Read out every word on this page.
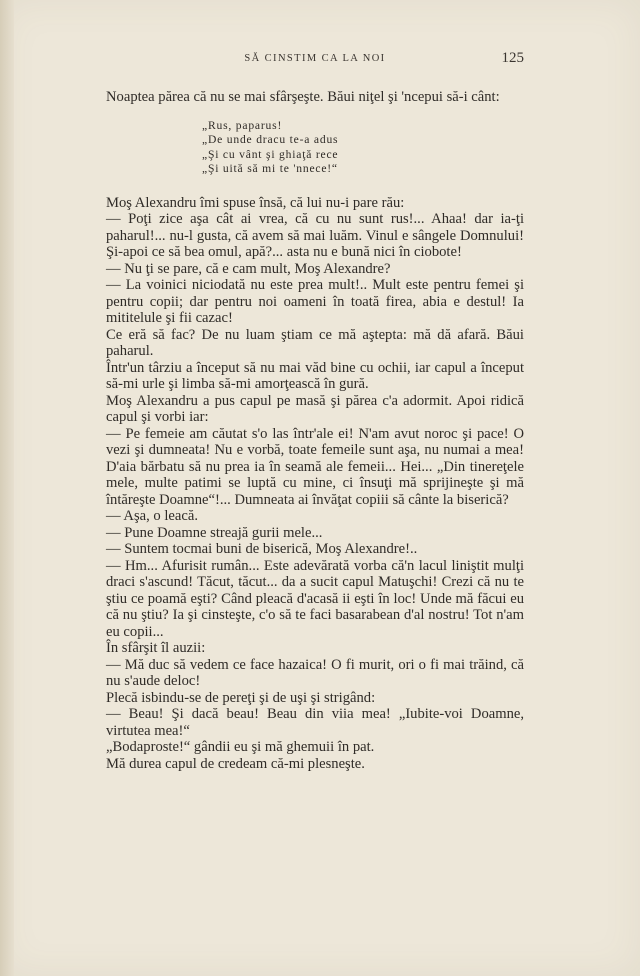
SĂ CINSTIM CA LA NOI	125

Noaptea părea că nu se mai sfârşeşte. Băui niţel şi 'ncepui să-i cânt:

„Rus, paparus!
„De unde dracu te-a adus
„Şi cu vânt şi ghiaţă rece
„Şi uită să mi te 'nnece!“

Moş Alexandru îmi spuse însă, că lui nu-i pare rău:

— Poţi zice aşa cât ai vrea, că cu nu sunt rus!... Ahaa! dar ia-ţi paharul!... nu-l gusta, că avem să mai luăm. Vinul e sângele Domnului! Şi-apoi ce să bea omul, apă?... asta nu e bună nici în ciobote!

— Nu ţi se pare, că e cam mult, Moş Alexandre?

— La voinici niciodată nu este prea mult!.. Mult este pentru femei şi pentru copii; dar pentru noi oameni în toată firea, abia e destul! Ia mititelule şi fii cazac!

Ce eră să fac? De nu luam ştiam ce mă aştepta: mă dă afară. Băui paharul.

Într'un târziu a început să nu mai văd bine cu ochii, iar capul a început să-mi urle şi limba să-mi amorţească în gură.

Moş Alexandru a pus capul pe masă şi părea c'a adormit. Apoi ridică capul şi vorbi iar:

— Pe femeie am căutat s'o las într'ale ei! N'am avut noroc şi pace! O vezi şi dumneata! Nu e vorbă, toate femeile sunt aşa, nu numai a mea! D'aia bărbatu să nu prea ia în seamă ale femeii... Hei... „Din tinereţele mele, multe patimi se luptă cu mine, ci însuţi mă sprijineşte şi mă întăreşte Doamne“!... Dumneata ai învăţat copiii să cânte la biserică?

— Aşa, o leacă.

— Pune Doamne streajă gurii mele...

— Suntem tocmai buni de biserică, Moş Alexandre!..

— Hm... Afurisit rumân... Este adevărată vorba că'n lacul liniştit mulţi draci s'ascund! Tăcut, tăcut... da a sucit capul Matuşchi! Crezi că nu te ştiu ce poamă eşti? Când pleacă d'acasă ii eşti în loc! Unde mă făcui eu că nu ştiu? Ia şi cinsteşte, c'o să te faci basarabean d'al nostru! Tot n'am eu copii...

În sfârşit îl auzii:

— Mă duc să vedem ce face hazaica! O fi murit, ori o fi mai trăind, că nu s'aude deloc!

Plecă isbindu-se de pereţi şi de uşi şi strigând:

— Beau! Şi dacă beau! Beau din viia mea! „Iubite-voi Doamne, virtutea mea!“

„Bodaproste!“ gândii eu şi mă ghemuii în pat.

Mă durea capul de credeam că-mi plesneşte.
